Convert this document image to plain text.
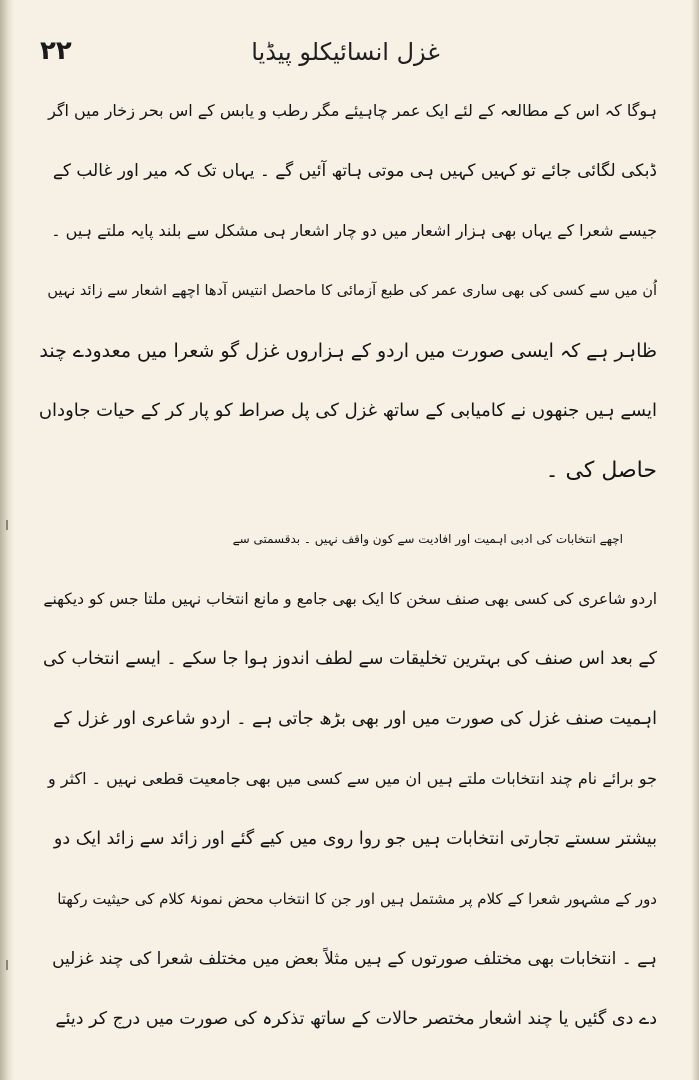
۲۲	غزل انسائیکلو پیڈیا
ہوگا کہ اس کے مطالعہ کے لئے ایک عمر چاہیئے مگر رطب و یابس کے اس بحر زخار میں اگر
ڈبکی لگائی جائے تو کہیں کہیں ہی موتی ہاتھ آئیں گے ۔ یہاں تک کہ میر اور غالب کے
جیسے شعرا کے یہاں بھی ہزار اشعار میں دو چار اشعار ہی مشکل سے بلند پایہ ملتے ہیں ۔
اُن میں سے کسی کی بھی ساری عمر کی طبع آزمائی کا ماحصل انتیس آدھا اچھے اشعار سے زائد نہیں
ظاہر ہے کہ ایسی صورت میں اردو کے ہزاروں غزل گو شعرا میں معدودے چند
ایسے ہیں جنھوں نے کامیابی کے ساتھ غزل کی پل صراط کو پار کر کے حیات جاوداں
حاصل کی ۔
اچھے انتخابات کی ادبی اہمیت اور افادیت سے کون واقف نہیں ۔ بدقسمتی سے
اردو شاعری کی کسی بھی صنف سخن کا ایک بھی جامع و مانع انتخاب نہیں ملتا جس کو دیکھنے
کے بعد اس صنف کی بہترین تخلیقات سے لطف اندوز ہوا جا سکے ۔ ایسے انتخاب کی
اہمیت صنف غزل کی صورت میں اور بھی بڑھ جاتی ہے ۔ اردو شاعری اور غزل کے
جو برائے نام چند انتخابات ملتے ہیں ان میں سے کسی میں بھی جامعیت قطعی نہیں ۔ اکثر و
بیشتر سستے تجارتی انتخابات ہیں جو روا روی میں کیے گئے اور زائد سے زائد ایک دو
دور کے مشہور شعرا کے کلام پر مشتمل ہیں اور جن کا انتخاب محض نمونۂ کلام کی حیثیت رکھتا
ہے ۔ انتخابات بھی مختلف صورتوں کے ہیں مثلاً بعض میں مختلف شعرا کی چند غزلیں
دے دی گئیں یا چند اشعار مختصر حالات کے ساتھ تذکرہ کی صورت میں درج کر دیئے
